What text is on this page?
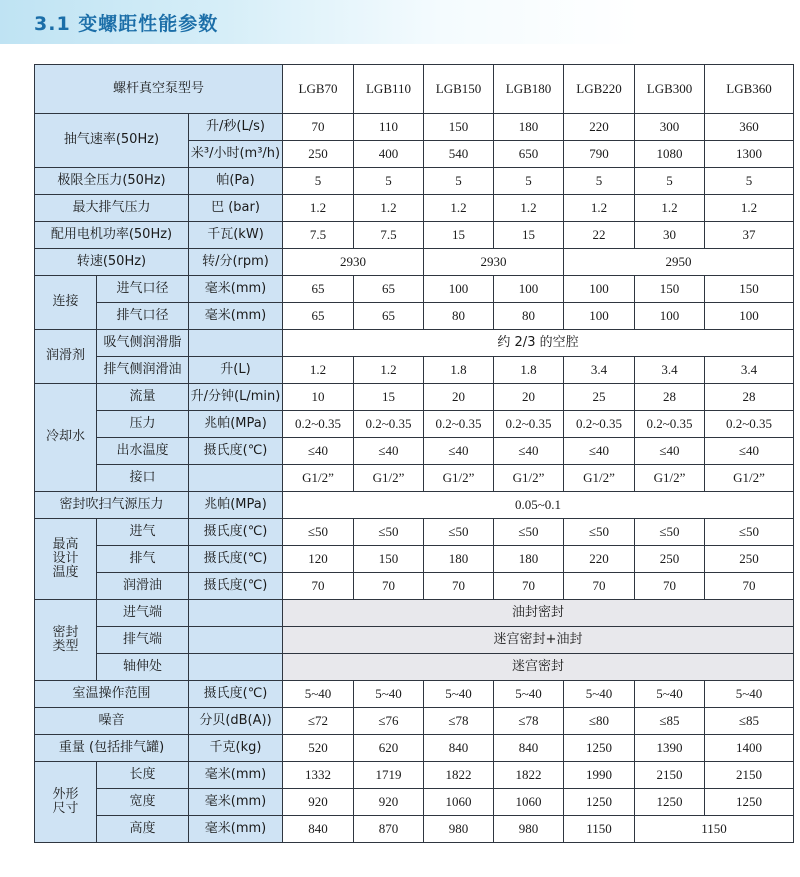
3.1 变螺距性能参数
螺杆真空泵型号			LGB70	LGB110	LGB150	LGB180	LGB220	LGB300	LGB360
抽气速率(50Hz)		升/秒(L/s)	70	110	150	180	220	300	360
		米³/小时(m³/h)	250	400	540	650	790	1080	1300
极限全压力(50Hz)		帕(Pa)	5	5	5	5	5	5	5
最大排气压力		巴 (bar)	1.2	1.2	1.2	1.2	1.2	1.2	1.2
配用电机功率(50Hz)		千瓦(kW)	7.5	7.5	15	15	22	30	37
转速(50Hz)		转/分(rpm)	2930		2930		2950		
连接	进气口径	毫米(mm)	65	65	100	100	100	150	150
	排气口径	毫米(mm)	65	65	80	80	100	100	100
润滑剂	吸气侧润滑脂		约 2/3 的空腔						
	排气侧润滑油	升(L)	1.2	1.2	1.8	1.8	3.4	3.4	3.4
冷却水	流量	升/分钟(L/min)	10	15	20	20	25	28	28
	压力	兆帕(MPa)	0.2~0.35	0.2~0.35	0.2~0.35	0.2~0.35	0.2~0.35	0.2~0.35	0.2~0.35
	出水温度	摄氏度(℃)	≤40	≤40	≤40	≤40	≤40	≤40	≤40
	接口		G1/2”	G1/2”	G1/2”	G1/2”	G1/2”	G1/2”	G1/2”
密封吹扫气源压力		兆帕(MPa)	0.05~0.1						
最高
设计
温度	进气	摄氏度(℃)	≤50	≤50	≤50	≤50	≤50	≤50	≤50
	排气	摄氏度(℃)	120	150	180	180	220	250	250
	润滑油	摄氏度(℃)	70	70	70	70	70	70	70
密封
类型	进气端		油封密封						
	排气端		迷宫密封+油封						
	轴伸处		迷宫密封						
室温操作范围		摄氏度(℃)	5~40	5~40	5~40	5~40	5~40	5~40	5~40
噪音		分贝(dB(A))	≤72	≤76	≤78	≤78	≤80	≤85	≤85
重量 (包括排气罐)		千克(kg)	520	620	840	840	1250	1390	1400
外形
尺寸	长度	毫米(mm)	1332	1719	1822	1822	1990	2150	2150
	宽度	毫米(mm)	920	920	1060	1060	1250	1250	1250
	高度	毫米(mm)	840	870	980	980	1150	1150	
